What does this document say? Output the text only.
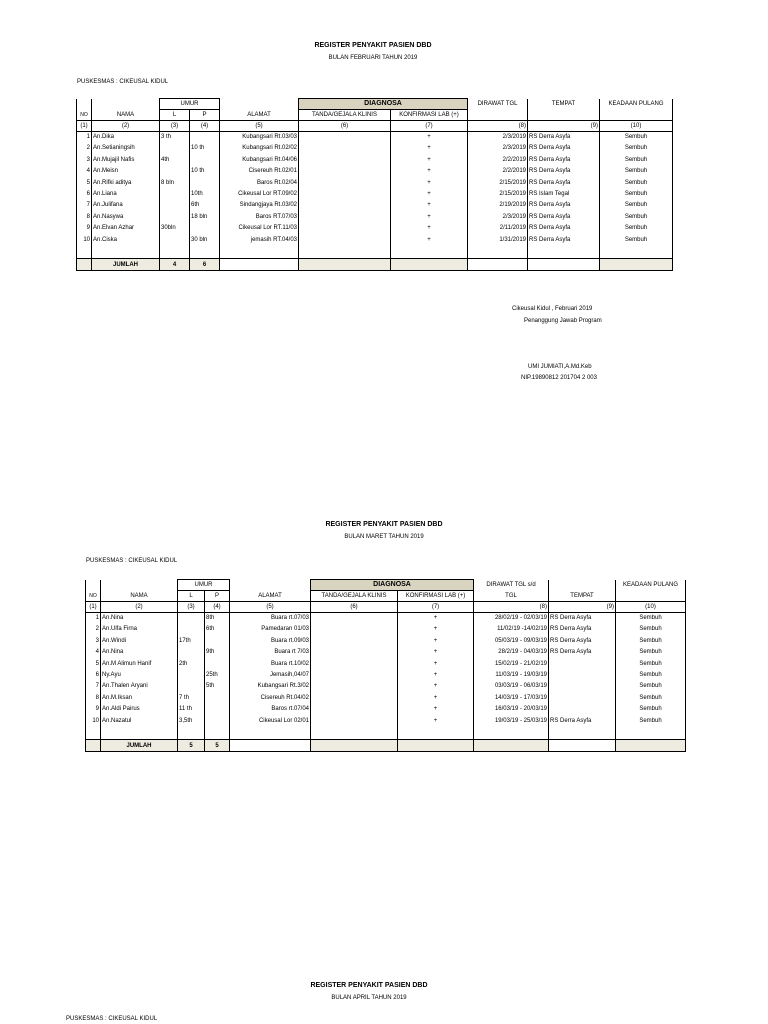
REGISTER PENYAKIT PASIEN DBD
BULAN FEBRUARI TAHUN 2019
PUSKESMAS : CIKEUSAL KIDUL
		UMUR			DIAGNOSA		DIRAWAT TGL	TEMPAT	KEADAAN PULANG
NO	NAMA	L	P	ALAMAT	TANDA/GEJALA KLINIS	KONFIRMASI LAB (+)			
(1)	(2)	(3)	(4)	(5)	(6)	(7)	(8)	(9)	(10)
1	An.Dika	3 th		Kubangsari Rt.03/03		+	2/3/2019	RS Derra Asyfa	Sembuh
2	An.Setianingsih		10 th	Kubangsari Rt.02/02		+	2/3/2019	RS Derra Asyfa	Sembuh
3	An.Mujajil Nafis	4th		Kubangsari Rt.04/06		+	2/2/2019	RS Derra Asyfa	Sembuh
4	An.Meisn		10 th	Cisereuh Rt.02/01		+	2/2/2019	RS Derra Asyfa	Sembuh
5	An.Rifki aditya	8 bln		Baros Rt.02/04		+	2/15/2019	RS Derra Asyfa	Sembuh
6	An.Liana		10th	Cikeusal Lor RT.09/02		+	2/15/2019	RS Islam Tegal	Sembuh
7	An.Julifana		6th	Sindangjaya Rt.03/02		+	2/19/2019	RS Derra Asyfa	Sembuh
8	An.Nasywa		18 bln	Baros RT.07/03		+	2/3/2019	RS Derra Asyfa	Sembuh
9	An.Elvan Azhar	30bln		Cikeusal Lor RT.11/03		+	2/11/2019	RS Derra Asyfa	Sembuh
10	An.Ciska		30 bln	jemasih RT.04/03		+	1/31/2019	RS Derra Asyfa	Sembuh

	JUMLAH	4	6						
Cikeusal Kidul , Februari 2019
Penanggung Jawab Program
UMI JUMIATI,A.Md.Keb
NIP.19890812 201704 2 003
REGISTER PENYAKIT PASIEN DBD
BULAN MARET TAHUN 2019
PUSKESMAS : CIKEUSAL KIDUL
		UMUR			DIAGNOSA		DIRAWAT TGL s/d		KEADAAN PULANG
NO	NAMA	L	P	ALAMAT	TANDA/GEJALA KLINIS	KONFIRMASI LAB (+)	TGL	TEMPAT	
(1)	(2)	(3)	(4)	(5)	(6)	(7)	(8)	(9)	(10)
1	An.Nina		8th	Buara rt.07/03		+	28/02/19 - 02/03/19	RS Derra Asyfa	Sembuh
2	An.Ulfa Firna		6th	Pamedaran 01/03		+	11/02/19 -14/02/19	RS Derra Asyfa	Sembuh
3	An.Windi	17th		Buara rt.09/03		+	05/03/19 - 09/03/19	RS Derra Asyfa	Sembuh
4	An.Nina		9th	Buara rt 7/03		+	28/2/19 - 04/03/19	RS Derra Asyfa	Sembuh
5	An.M Alimun Hanif	2th		Buara rt.10/02		+	15/02/19 - 21/02/19		Sembuh
6	Ny.Ayu		25th	Jemasih,04/07		+	11/03/19 - 19/03/19		Sembuh
7	An.Thalen Aryani		5th	Kubangsari Rt.3/02		+	03/03/19 - 06/03/19		Sembuh
8	An.M.Iksan	7 th		Cisereuh Rt.04/02		+	14/03/19 - 17/03/19		Sembuh
9	An.Aldi Pairus	11 th		Baros rt.07/04		+	16/03/19 - 20/03/19		Sembuh
10	An.Nazatul	3,5th		Cikeusal Lor 02/01		+	19/03/19 - 25/03/19	RS Derra Asyfa	Sembuh

	JUMLAH	5	5						
REGISTER PENYAKIT PASIEN DBD
BULAN APRIL TAHUN 2019
PUSKESMAS : CIKEUSAL KIDUL
